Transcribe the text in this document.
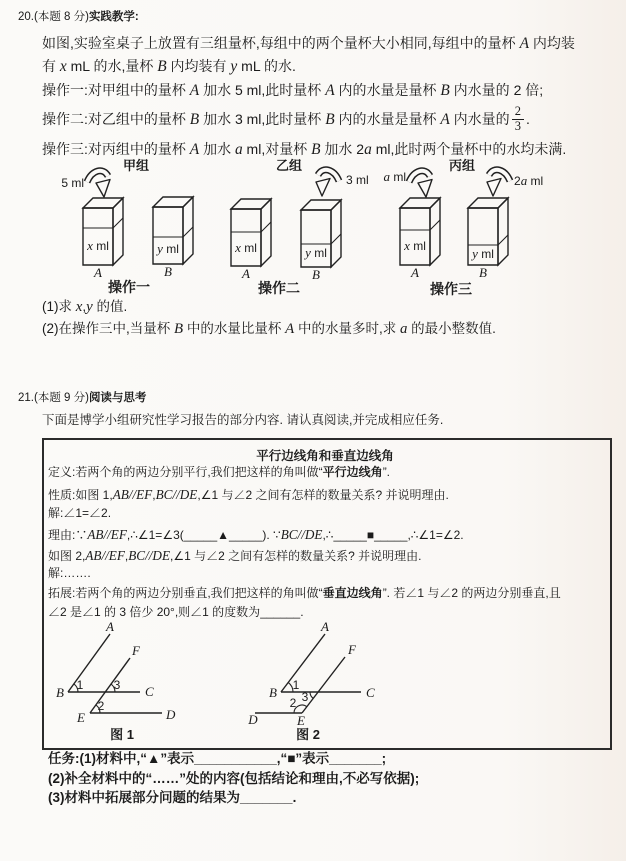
20.(本题 8 分)实践教学:
如图,实验室桌子上放置有三组量杯,每组中的两个量杯大小相同,每组中的量杯 A 内均装
有 x mL 的水,量杯 B 内均装有 y mL 的水.
操作一:对甲组中的量杯 A 加水 5 ml,此时量杯 A 内的水量是量杯 B 内水量的 2 倍;
操作二:对乙组中的量杯 B 加水 3 ml,此时量杯 B 内的水量是量杯 A 内水量的 $\frac{2}{3}$ .
操作三:对丙组中的量杯 A 加水 a ml,对量杯 B 加水 2a ml,此时两个量杯中的水均未满.
甲组
5 ml
x ml
A
y ml
B
操作一
乙组
3 ml
x ml
A
y ml
B
操作二
丙组
a ml	2a ml
x ml
A
y ml
B
操作三
(1)求 x,y 的值.
(2)在操作三中,当量杯 B 中的水量比量杯 A 中的水量多时,求 a 的最小整数值.
21.(本题 9 分)阅读与思考
下面是博学小组研究性学习报告的部分内容. 请认真阅读,并完成相应任务.
平行边线角和垂直边线角
定义:若两个角的两边分别平行,我们把这样的角叫做“平行边线角”.
性质:如图 1,AB//EF,BC//DE,∠1 与∠2 之间有怎样的数量关系? 并说明理由.
解:∠1=∠2.
理由:∵AB//EF,∴∠1=∠3(_____▲_____). ∵BC//DE,∴_____■_____,∴∠1=∠2.
如图 2,AB//EF,BC//DE,∠1 与∠2 之间有怎样的数量关系? 并说明理由.
解:…….
拓展:若两个角的两边分别垂直,我们把这样的角叫做“垂直边线角”. 若∠1 与∠2 的两边分别垂直,且
∠2 是∠1 的 3 倍少 20°,则∠1 的度数为______.
A
B	C
D
E
F
1
2
3
图 1
A
B	C
D	E
F
1
2 3
图 2
任务:(1)材料中,“▲”表示___________,“■”表示_______;
(2)补全材料中的“……”处的内容(包括结论和理由,不必写依据);
(3)材料中拓展部分问题的结果为_______.
